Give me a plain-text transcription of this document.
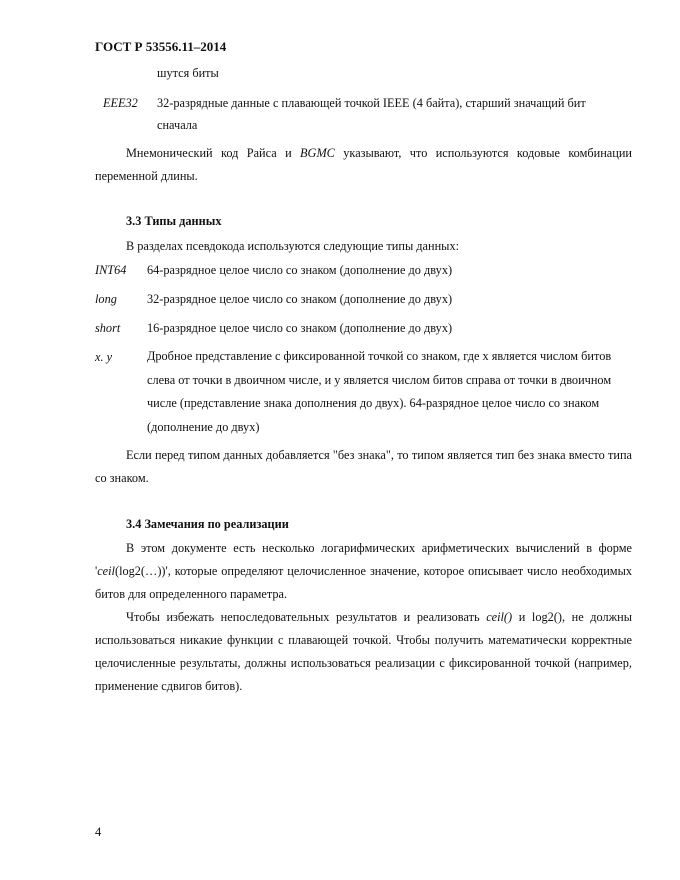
ГОСТ Р 53556.11–2014
шутся биты
EEE32 32-разрядные данные с плавающей точкой IEEE (4 байта), старший значащий бит
сначала
Мнемонический код Райса и BGMC указывают, что используются кодовые комбинации переменной длины.
3.3 Типы данных
В разделах псевдокода используются следующие типы данных:
INT64 64-разрядное целое число со знаком (дополнение до двух)
long 32-разрядное целое число со знаком (дополнение до двух)
short 16-разрядное целое число со знаком (дополнение до двух)
x. y	Дробное представление с фиксированной точкой со знаком, где x является числом битов слева от точки в двоичном числе, и y является числом битов справа от точки в двоичном числе (представление знака дополнения до двух). 64-разрядное целое число со знаком (дополнение до двух)
Если перед типом данных добавляется "без знака", то типом является тип без знака вместо типа со знаком.
3.4 Замечания по реализации
В этом документе есть несколько логарифмических арифметических вычислений в форме 'ceil(log2(…))', которые определяют целочисленное значение, которое описывает число необходимых битов для определенного параметра.
Чтобы избежать непоследовательных результатов и реализовать ceil() и log2(), не должны использоваться никакие функции с плавающей точкой. Чтобы получить математически корректные целочисленные результаты, должны использоваться реализации с фиксированной точкой (например, применение сдвигов битов).
4
